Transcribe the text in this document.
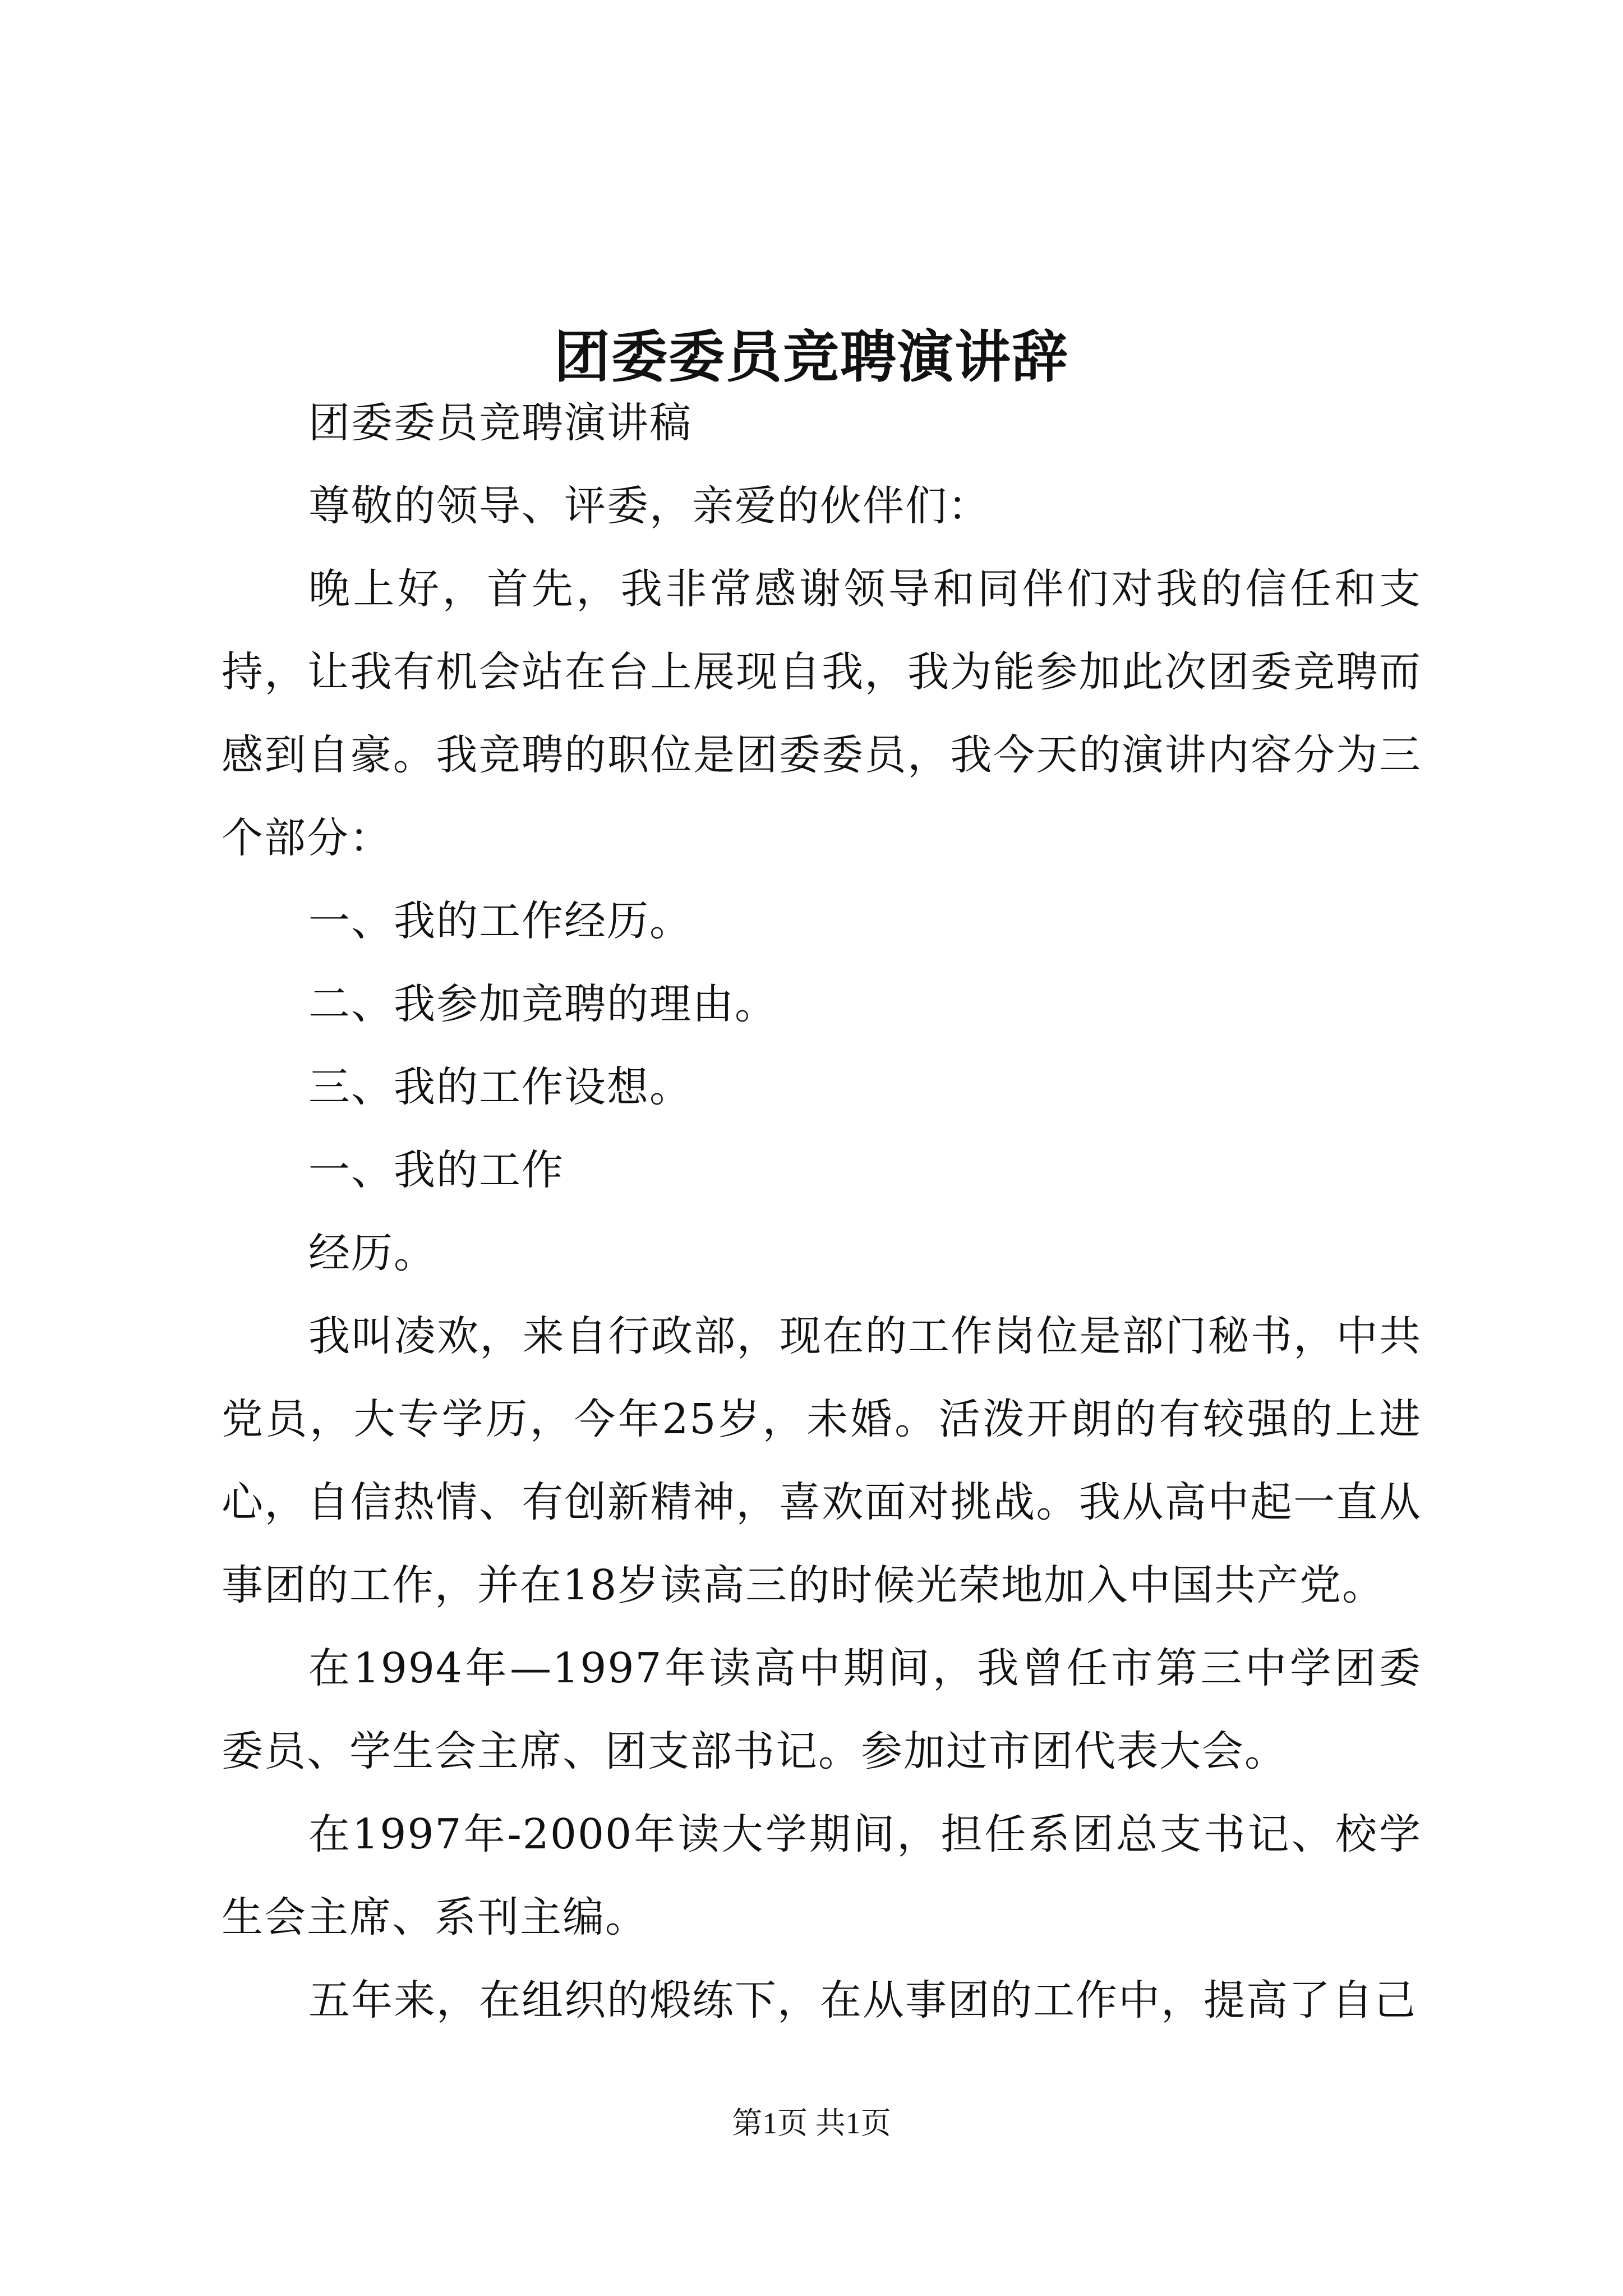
团委委员竞聘演讲辞

团委委员竞聘演讲稿

尊敬的领导、评委，亲爱的伙伴们：

晚上好，首先，我非常感谢领导和同伴们对我的信任和支持，让我有机会站在台上展现自我，我为能参加此次团委竞聘而感到自豪。我竞聘的职位是团委委员，我今天的演讲内容分为三个部分：

一、我的工作经历。

二、我参加竞聘的理由。

三、我的工作设想。

一、我的工作

经历。

我叫凌欢，来自行政部，现在的工作岗位是部门秘书，中共党员，大专学历，今年25岁，未婚。活泼开朗的有较强的上进心，自信热情、有创新精神，喜欢面对挑战。我从高中起一直从事团的工作，并在18岁读高三的时候光荣地加入中国共产党。

在1994年—1997年读高中期间，我曾任市第三中学团委委员、学生会主席、团支部书记。参加过市团代表大会。

在1997年-2000年读大学期间，担任系团总支书记、校学生会主席、系刊主编。

五年来，在组织的煅练下，在从事团的工作中，提高了自己

第1页 共1页
